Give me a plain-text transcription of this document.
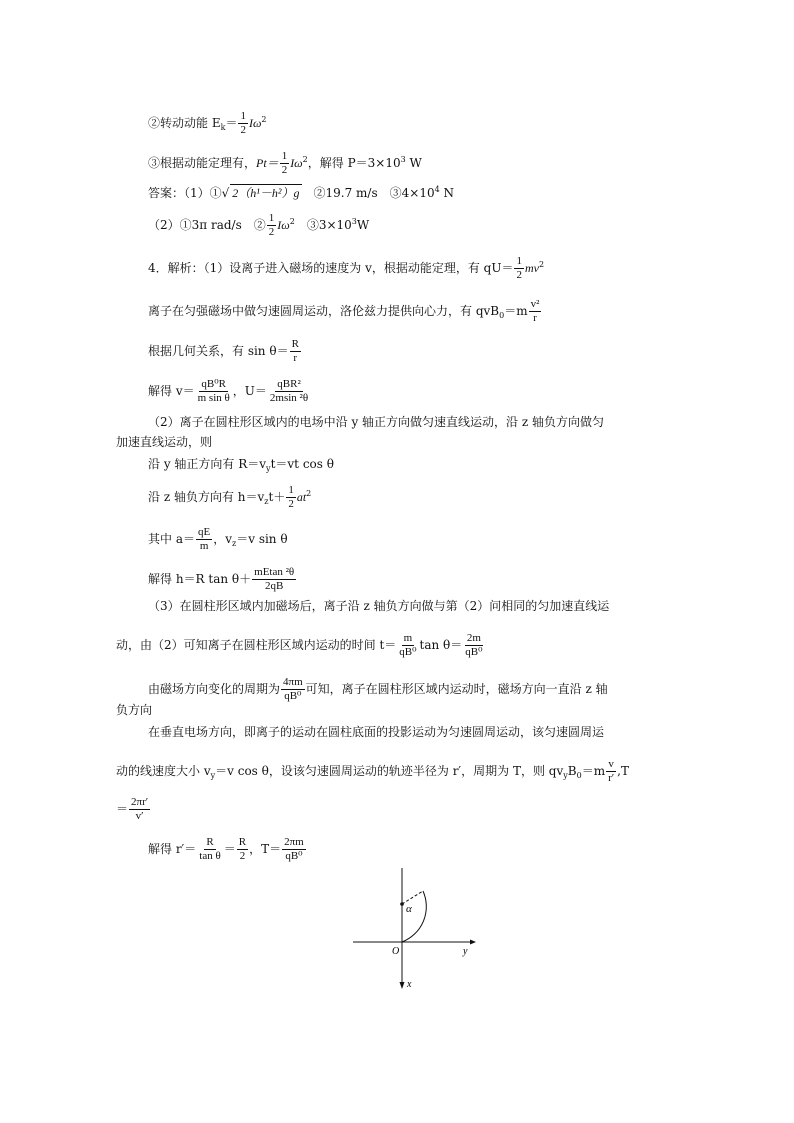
②转动动能 $E_k= \frac{1}{2} I\omega^2$
③根据动能定理有，$Pt= \frac{1}{2} I\omega^2$，解得 $P=3\times 10^3$ W
答案：（1）①√ 2（h¹－h²）g　 ②19.7 m/s　$③4\times 10^4$ N
（2）①3π rad/s　② $\frac{1}{2} I\omega^2$　$③3\times 10^3W$
4．解析：（1）设离子进入磁场的速度为 v，根据动能定理，有 $qU= \frac{1}{2} mv^2$
离子在匀强磁场中做匀速圆周运动，洛伦兹力提供向心力，有 $qvB_0=m \frac{\text{v²}}{r}$
根据几何关系，有 $\sin \theta= \frac{R}{r}$
解得 $v= \frac{\text{qB⁰R}}{\text{m sin θ}}$ ，U＝ qBR²
2msin ²θ
（2）离子在圆柱形区域内的电场中沿 y 轴正方向做匀速直线运动，沿 z 轴负方向做匀
加速直线运动，则
沿 y 轴正方向有 $R=v_yt=vt$ cos θ
沿 z 轴负方向有 $h=v_zt+ \frac{1}{2} at^2$
其中 $a= \frac{qE}{m}$ ，$v_z=v$ sin θ
解得 h＝R $\tan \theta+ \frac{\text{mEtan ²θ}}{2qB}$
（3）在圆柱形区域内加磁场后，离子沿 z 轴负方向做与第（2）问相同的匀加速直线运
动，由（2）可知离子在圆柱形区域内运动的时间 $t= \frac{m}{\text{qB⁰}}$ $\tan \theta= \frac{2m}{\text{qB⁰}}$
由磁场方向变化的周期为 $\frac{4\pi m}{\text{qB⁰}}$ 可知，离子在圆柱形区域内运动时，磁场方向一直沿 z 轴
负方向
在垂直电场方向，即离子的运动在圆柱底面的投影运动为匀速圆周运动，该匀速圆周运
动的线速度大小 $v_y=v$ cos θ，设该匀速圆周运动的轨迹半径为 r′，周期为 T，则 $qv_yB_0=m \frac{v}{r'} ,T$
＝ $\frac{2\pi r'}{v'}$
解得 $r'= \frac{R}{\text{tan θ}} = \frac{R}{2}$ ，$T= \frac{2\pi m}{\text{qB⁰}}$
α
O	y
x
